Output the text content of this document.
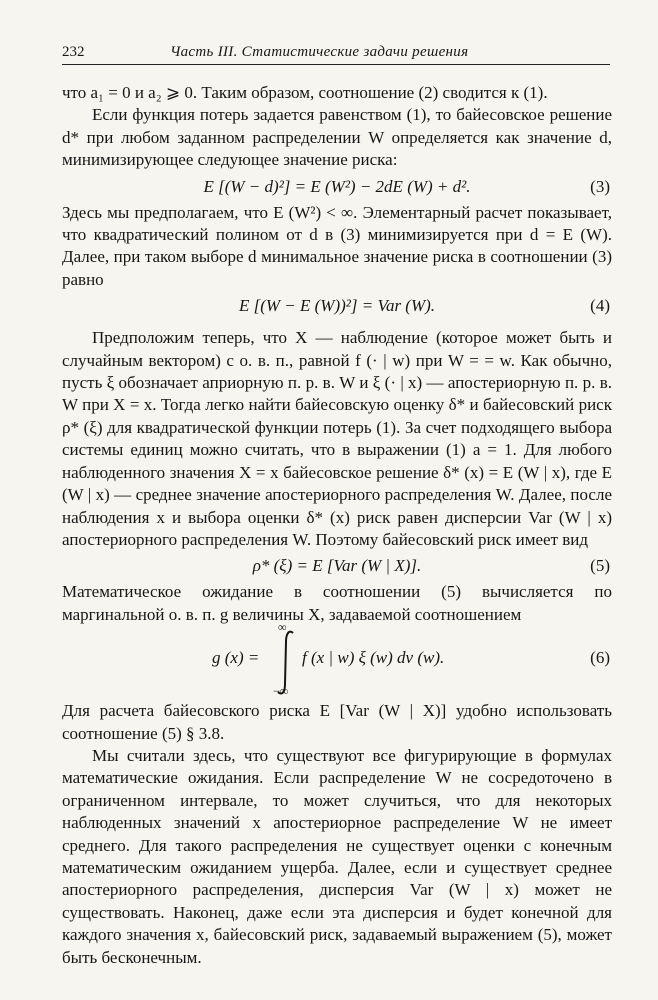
232	Часть III. Статистические задачи решения

что a₁ = 0 и a₂ ⩾ 0. Таким образом, соотношение (2) сводится к (1).

Если функция потерь задается равенством (1), то байесовское решение d* при любом заданном распределении W определяется как значение d, минимизирующее следующее значение риска:

E [(W − d)²] = E (W²) − 2dE (W) + d².	(3)

Здесь мы предполагаем, что E (W²) < ∞. Элементарный расчет показывает, что квадратический полином от d в (3) минимизируется при d = E (W). Далее, при таком выборе d минимальное значение риска в соотношении (3) равно

E [(W − E (W))²] = Var (W).	(4)

Предположим теперь, что X — наблюдение (которое может быть и случайным вектором) с о. в. п., равной f (· | w) при W = = w. Как обычно, пусть ξ обозначает априорную п. р. в. W и ξ (· | x) — апостериорную п. р. в. W при X = x. Тогда легко найти байесовскую оценку δ* и байесовский риск ρ* (ξ) для квадратической функции потерь (1). За счет подходящего выбора системы единиц можно считать, что в выражении (1) a = 1. Для любого наблюденного значения X = x байесовское решение δ* (x) = E (W | x), где E (W | x) — среднее значение апостериорного распределения W. Далее, после наблюдения x и выбора оценки δ* (x) риск равен дисперсии Var (W | x) апостериорного распределения W. Поэтому байесовский риск имеет вид

ρ* (ξ) = E [Var (W | X)].	(5)

Математическое ожидание в соотношении (5) вычисляется по маргинальной о. в. п. g величины X, задаваемой соотношением

g (x) =
∞
−∞
f (x | w) ξ (w) dν (w).	(6)

Для расчета байесовского риска E [Var (W | X)] удобно использовать соотношение (5) § 3.8.

Мы считали здесь, что существуют все фигурирующие в формулах математические ожидания. Если распределение W не сосредоточено в ограниченном интервале, то может случиться, что для некоторых наблюденных значений x апостериорное распределение W не имеет среднего. Для такого распределения не существует оценки с конечным математическим ожиданием ущерба. Далее, если и существует среднее апостериорного распределения, дисперсия Var (W | x) может не существовать. Наконец, даже если эта дисперсия и будет конечной для каждого значения x, байесовский риск, задаваемый выражением (5), может быть бесконечным.
